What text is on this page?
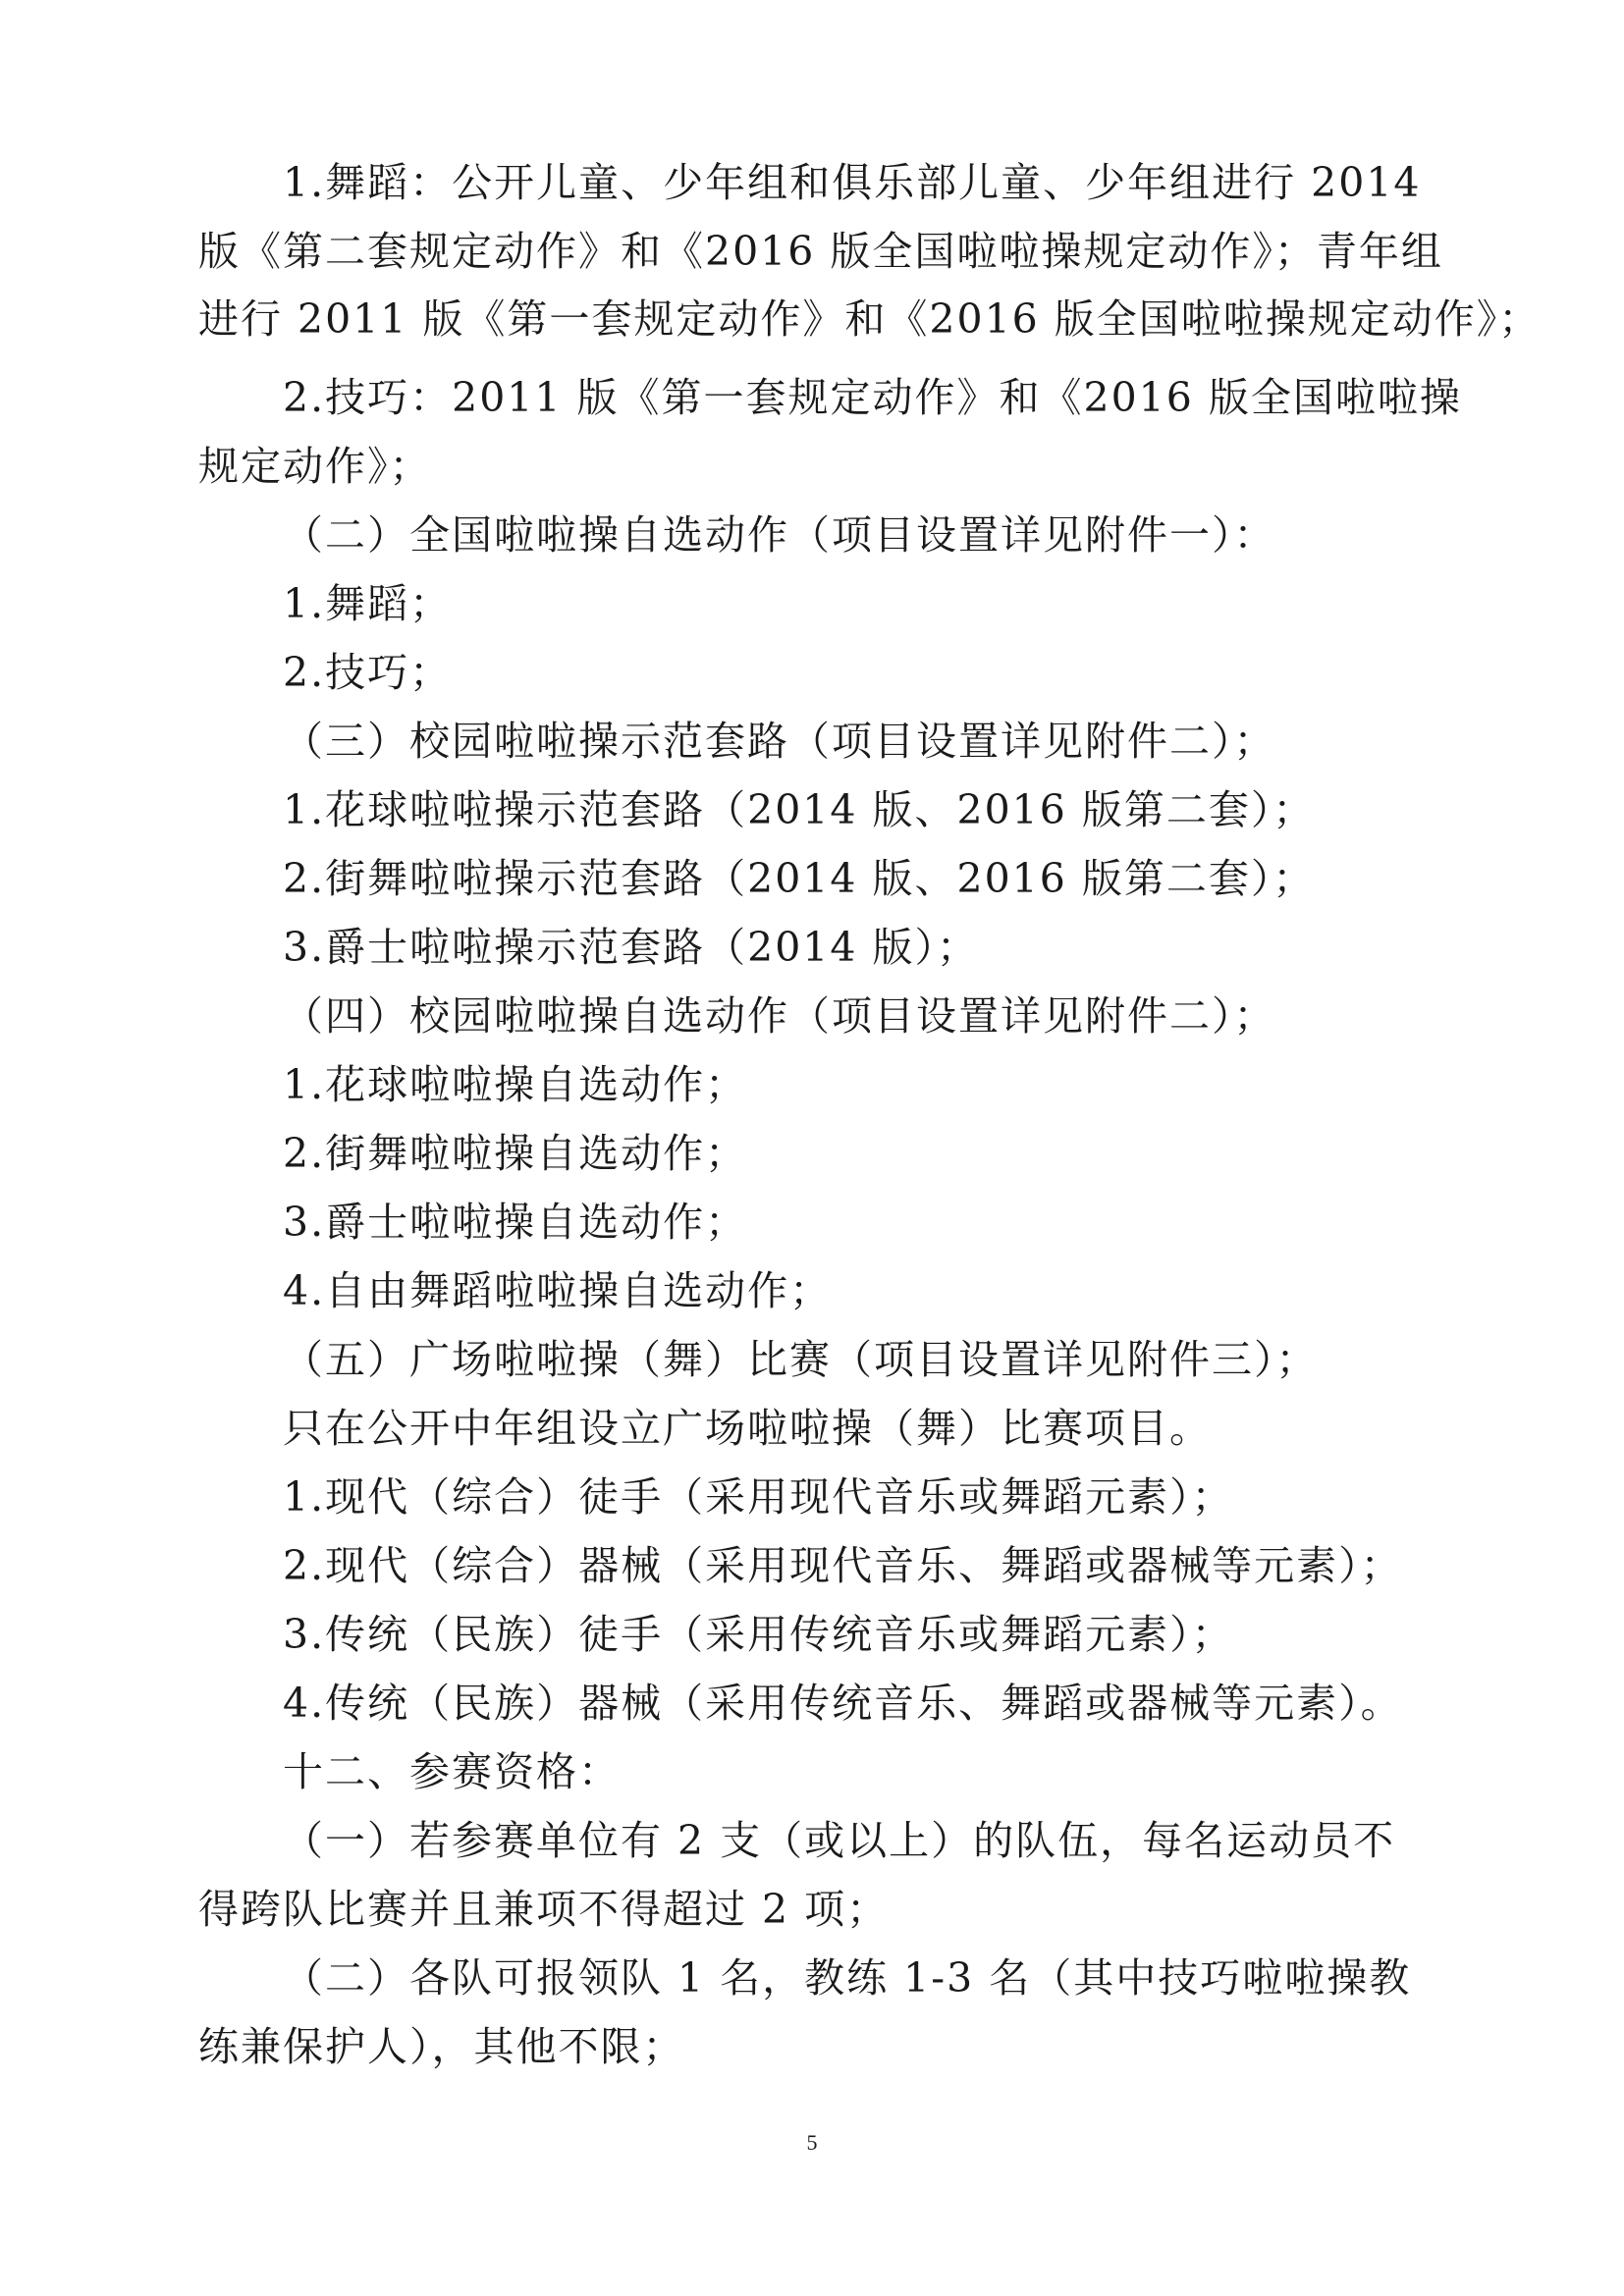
1.舞蹈：公开儿童、少年组和俱乐部儿童、少年组进行 2014
版《第二套规定动作》和《2016 版全国啦啦操规定动作》；青年组
进行 2011 版《第一套规定动作》和《2016 版全国啦啦操规定动作》；
2.技巧：2011 版《第一套规定动作》和《2016 版全国啦啦操
规定动作》；
（二）全国啦啦操自选动作（项目设置详见附件一）：
1.舞蹈；
2.技巧；
（三）校园啦啦操示范套路（项目设置详见附件二）；
1.花球啦啦操示范套路（2014 版、2016 版第二套）；
2.街舞啦啦操示范套路（2014 版、2016 版第二套）；
3.爵士啦啦操示范套路（2014 版）；
（四）校园啦啦操自选动作（项目设置详见附件二）；
1.花球啦啦操自选动作；
2.街舞啦啦操自选动作；
3.爵士啦啦操自选动作；
4.自由舞蹈啦啦操自选动作；
（五）广场啦啦操（舞）比赛（项目设置详见附件三）；
只在公开中年组设立广场啦啦操（舞）比赛项目。
1.现代（综合）徒手（采用现代音乐或舞蹈元素）；
2.现代（综合）器械（采用现代音乐、舞蹈或器械等元素）；
3.传统（民族）徒手（采用传统音乐或舞蹈元素）；
4.传统（民族）器械（采用传统音乐、舞蹈或器械等元素）。
十二、参赛资格：
（一）若参赛单位有 2 支（或以上）的队伍，每名运动员不
得跨队比赛并且兼项不得超过 2 项；
（二）各队可报领队 1 名，教练 1-3 名（其中技巧啦啦操教
练兼保护人），其他不限；
5
